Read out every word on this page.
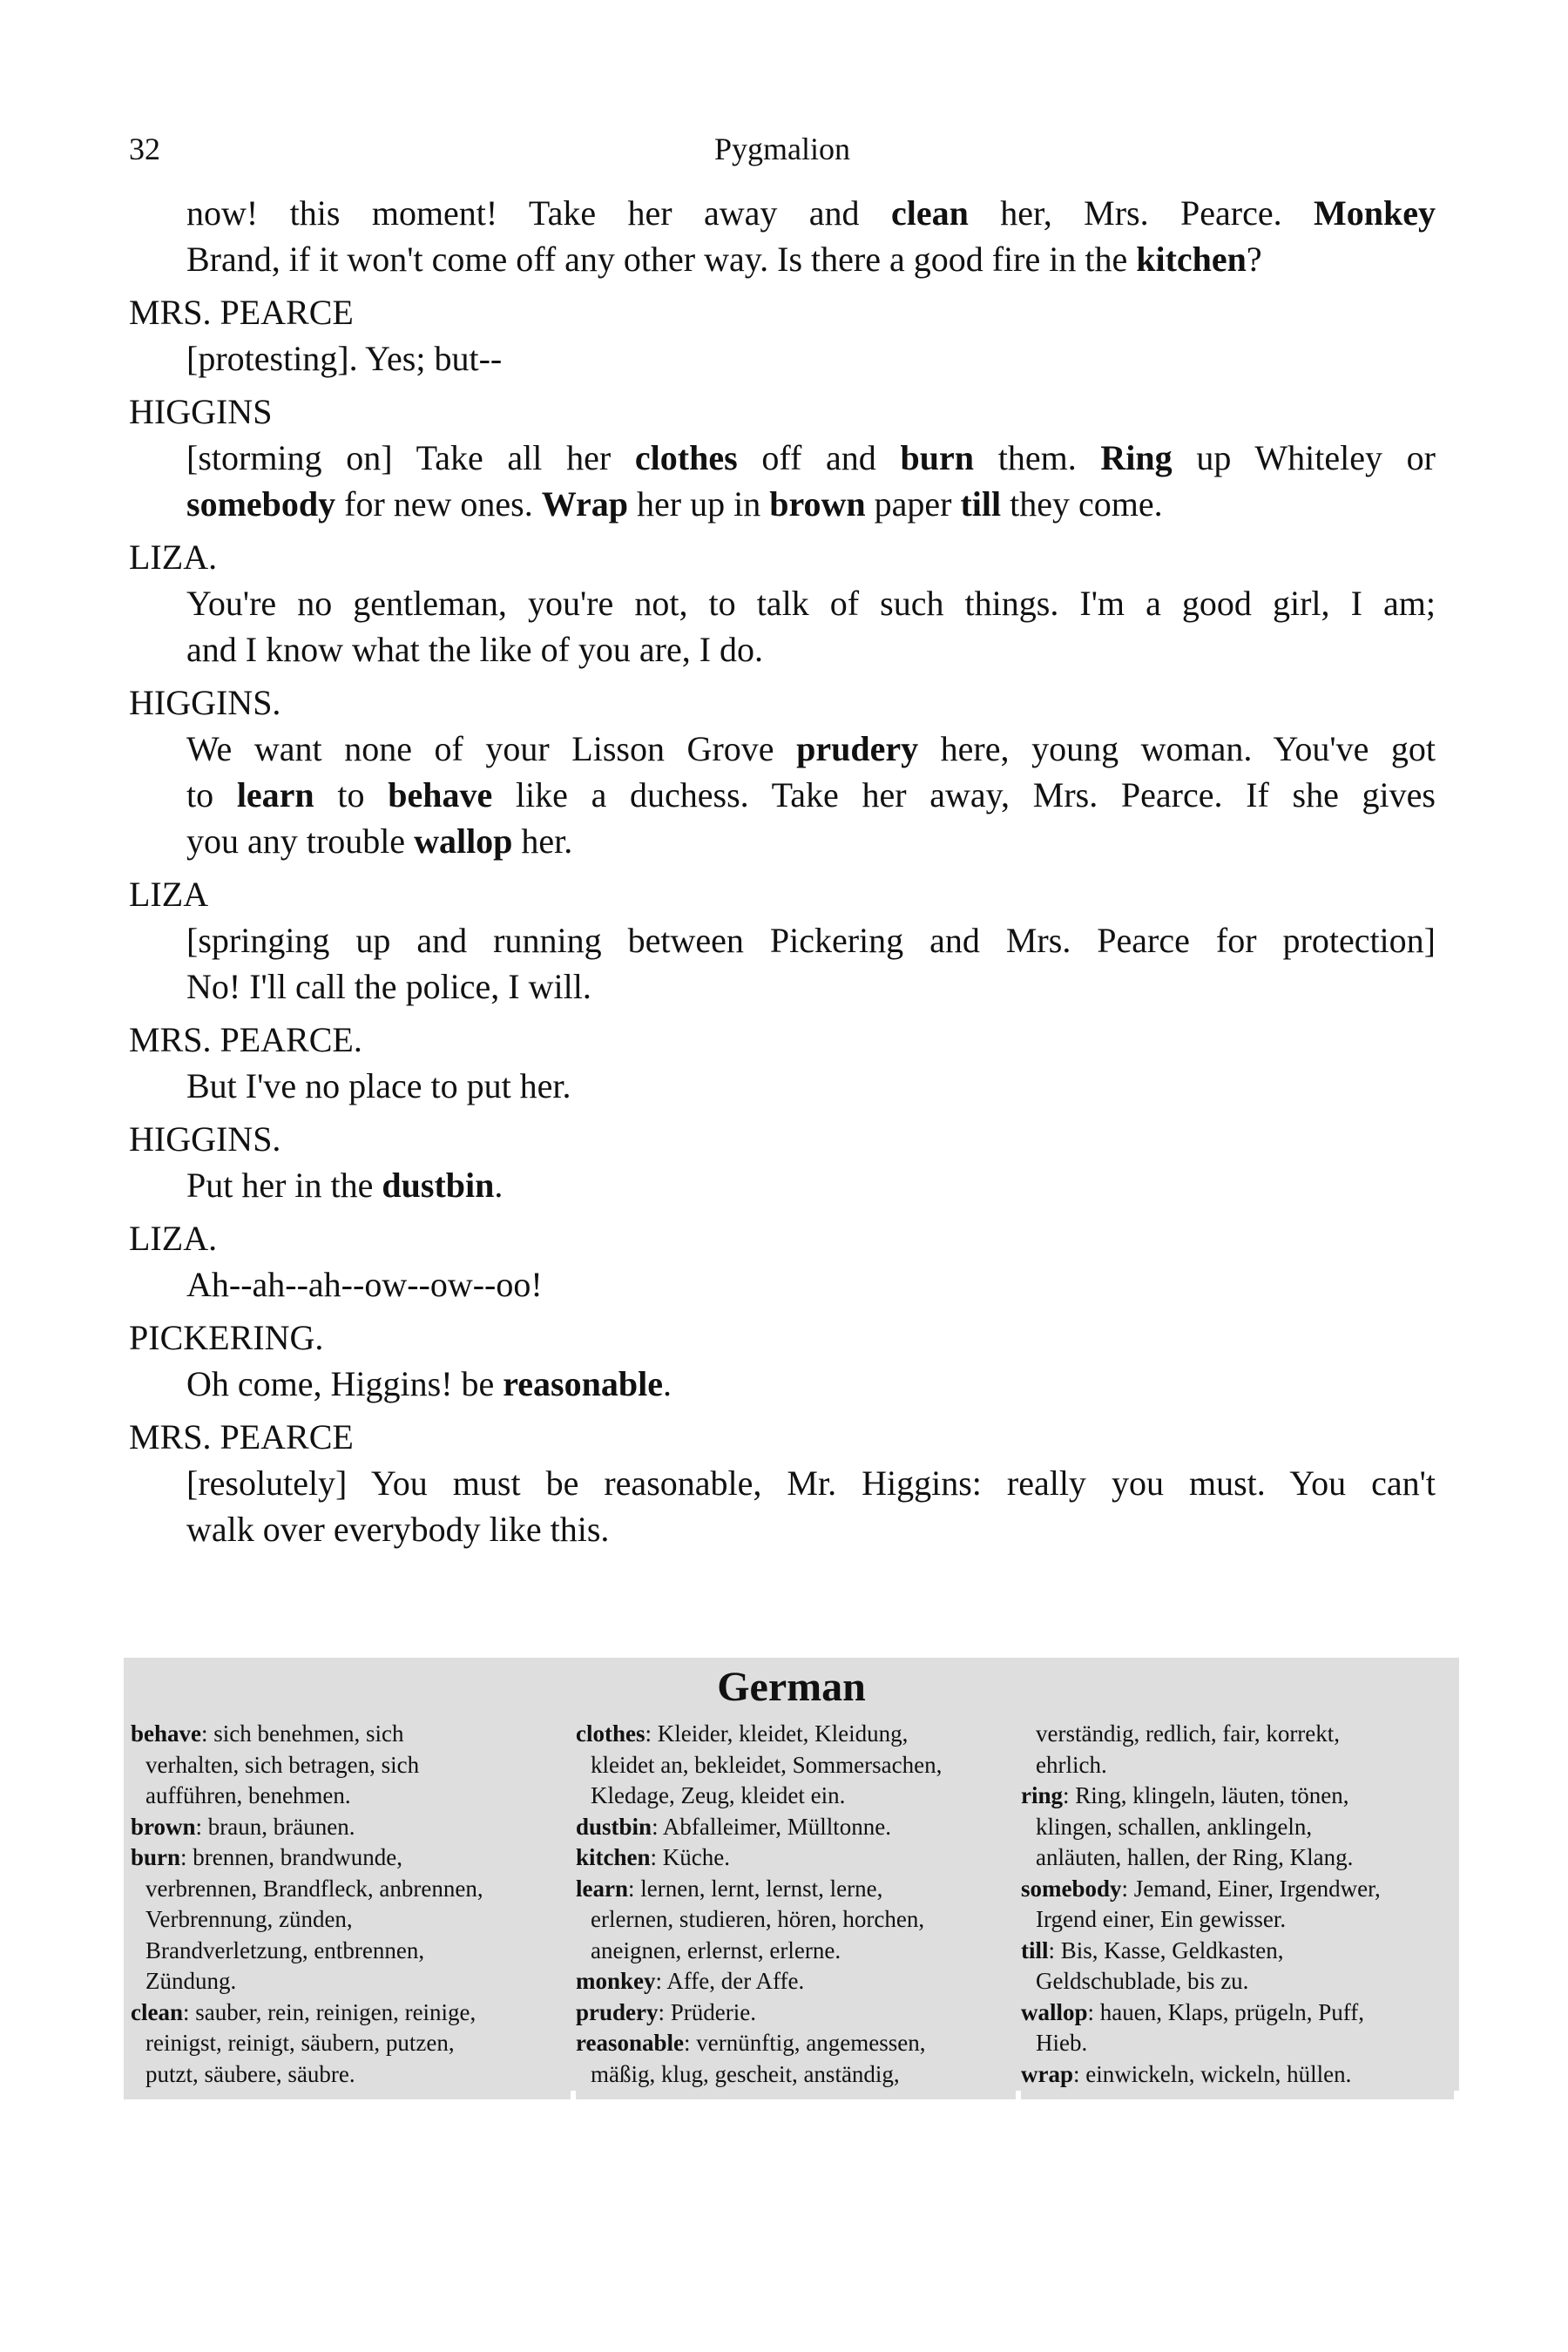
32	Pygmalion
now! this moment! Take her away and clean her, Mrs. Pearce. Monkey
Brand, if it won't come off any other way. Is there a good fire in the kitchen?
MRS. PEARCE
[protesting]. Yes; but--
HIGGINS
[storming on] Take all her clothes off and burn them. Ring up Whiteley or
somebody for new ones. Wrap her up in brown paper till they come.
LIZA.
You're no gentleman, you're not, to talk of such things. I'm a good girl, I am;
and I know what the like of you are, I do.
HIGGINS.
We want none of your Lisson Grove prudery here, young woman. You've got
to learn to behave like a duchess. Take her away, Mrs. Pearce. If she gives
you any trouble wallop her.
LIZA
[springing up and running between Pickering and Mrs. Pearce for protection]
No! I'll call the police, I will.
MRS. PEARCE.
But I've no place to put her.
HIGGINS.
Put her in the dustbin.
LIZA.
Ah--ah--ah--ow--ow--oo!
PICKERING.
Oh come, Higgins! be reasonable.
MRS. PEARCE
[resolutely] You must be reasonable, Mr. Higgins: really you must. You can't
walk over everybody like this.
German
behave: sich benehmen, sich
verhalten, sich betragen, sich
aufführen, benehmen.
brown: braun, bräunen.
burn: brennen, brandwunde,
verbrennen, Brandfleck, anbrennen,
Verbrennung, zünden,
Brandverletzung, entbrennen,
Zündung.
clean: sauber, rein, reinigen, reinige,
reinigst, reinigt, säubern, putzen,
putzt, säubere, säubre.
clothes: Kleider, kleidet, Kleidung,
kleidet an, bekleidet, Sommersachen,
Kledage, Zeug, kleidet ein.
dustbin: Abfalleimer, Mülltonne.
kitchen: Küche.
learn: lernen, lernt, lernst, lerne,
erlernen, studieren, hören, horchen,
aneignen, erlernst, erlerne.
monkey: Affe, der Affe.
prudery: Prüderie.
reasonable: vernünftig, angemessen,
mäßig, klug, gescheit, anständig,
verständig, redlich, fair, korrekt,
ehrlich.
ring: Ring, klingeln, läuten, tönen,
klingen, schallen, anklingeln,
anläuten, hallen, der Ring, Klang.
somebody: Jemand, Einer, Irgendwer,
Irgend einer, Ein gewisser.
till: Bis, Kasse, Geldkasten,
Geldschublade, bis zu.
wallop: hauen, Klaps, prügeln, Puff,
Hieb.
wrap: einwickeln, wickeln, hüllen.
